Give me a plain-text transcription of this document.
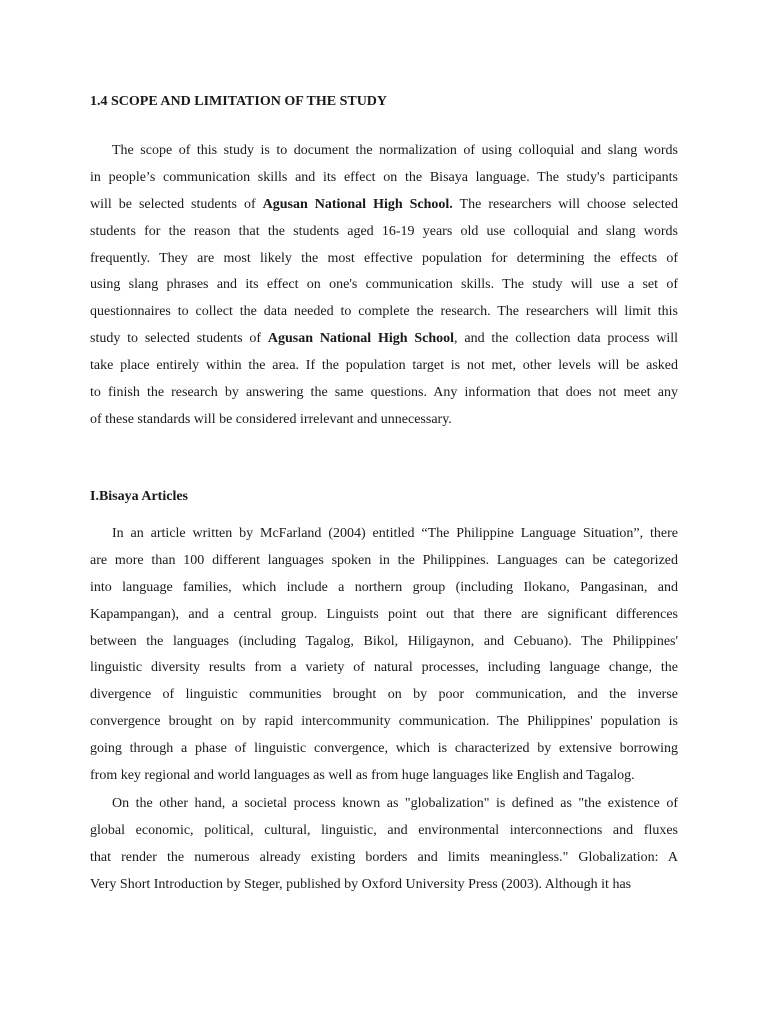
1.4 SCOPE AND LIMITATION OF THE STUDY
The scope of this study is to document the normalization of using colloquial and slang words
in people’s communication skills and its effect on the Bisaya language. The study's participants
will be selected students of Agusan National High School. The researchers will choose selected
students for the reason that the students aged 16-19 years old use colloquial and slang words
frequently. They are most likely the most effective population for determining the effects of
using slang phrases and its effect on one's communication skills. The study will use a set of
questionnaires to collect the data needed to complete the research. The researchers will limit this
study to selected students of Agusan National High School, and the collection data process will
take place entirely within the area. If the population target is not met, other levels will be asked
to finish the research by answering the same questions. Any information that does not meet any
of these standards will be considered irrelevant and unnecessary.
I.Bisaya Articles
In an article written by McFarland (2004) entitled “The Philippine Language Situation”, there
are more than 100 different languages spoken in the Philippines. Languages can be categorized
into language families, which include a northern group (including Ilokano, Pangasinan, and
Kapampangan), and a central group. Linguists point out that there are significant differences
between the languages (including Tagalog, Bikol, Hiligaynon, and Cebuano). The Philippines'
linguistic diversity results from a variety of natural processes, including language change, the
divergence of linguistic communities brought on by poor communication, and the inverse
convergence brought on by rapid intercommunity communication. The Philippines' population is
going through a phase of linguistic convergence, which is characterized by extensive borrowing
from key regional and world languages as well as from huge languages like English and Tagalog.
On the other hand, a societal process known as "globalization" is defined as "the existence of
global economic, political, cultural, linguistic, and environmental interconnections and fluxes
that render the numerous already existing borders and limits meaningless." Globalization: A
Very Short Introduction by Steger, published by Oxford University Press (2003). Although it has
